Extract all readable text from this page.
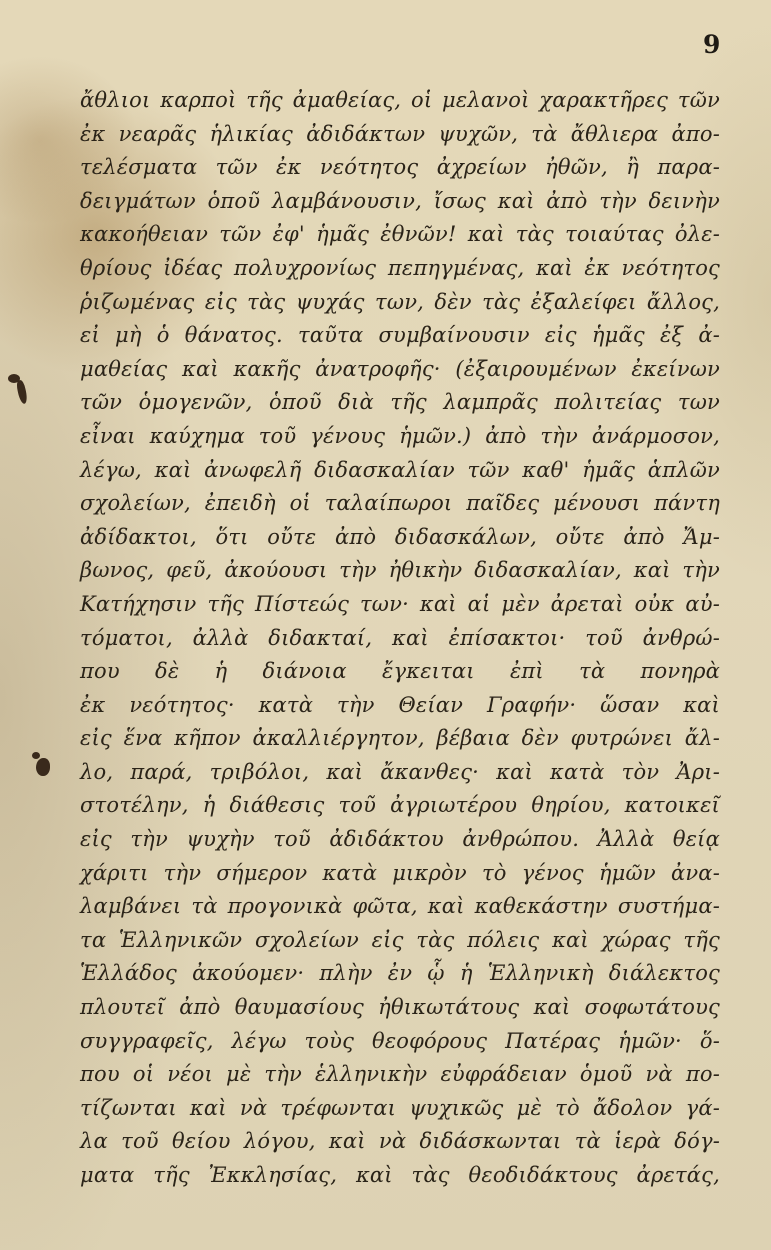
9
ἄθλιοι καρποὶ τῆς ἀμαθείας, οἱ μελανοὶ χαρακτῆρες τῶν
ἐκ νεαρᾶς ἡλικίας ἀδιδάκτων ψυχῶν, τὰ ἄθλιερα ἀπο-
τελέσματα τῶν ἐκ νεότητος ἀχρείων ἠθῶν, ἢ παρα-
δειγμάτων ὁποῦ λαμβάνουσιν, ἴσως καὶ ἀπὸ τὴν δεινὴν
κακοήθειαν τῶν ἐφ' ἡμᾶς ἐθνῶν! καὶ τὰς τοιαύτας ὀλε-
θρίους ἰδέας πολυχρονίως πεπηγμένας, καὶ ἐκ νεότητος
ῥιζωμένας εἰς τὰς ψυχάς των, δὲν τὰς ἐξαλείφει ἄλλος,
εἰ μὴ ὁ θάνατος. ταῦτα συμβαίνουσιν εἰς ἡμᾶς ἐξ ἀ-
μαθείας καὶ κακῆς ἀνατροφῆς· (ἐξαιρουμένων ἐκείνων
τῶν ὁμογενῶν, ὁποῦ διὰ τῆς λαμπρᾶς πολιτείας των
εἶναι καύχημα τοῦ γένους ἡμῶν.) ἀπὸ τὴν ἀνάρμοσον,
λέγω, καὶ ἀνωφελῆ διδασκαλίαν τῶν καθ' ἡμᾶς ἁπλῶν
σχολείων, ἐπειδὴ οἱ ταλαίπωροι παῖδες μένουσι πάντη
ἀδίδακτοι, ὅτι οὔτε ἀπὸ διδασκάλων, οὔτε ἀπὸ Ἄμ-
βωνος, φεῦ, ἀκούουσι τὴν ἠθικὴν διδασκαλίαν, καὶ τὴν
Κατήχησιν τῆς Πίστεώς των· καὶ αἱ μὲν ἀρεταὶ οὐκ αὐ-
τόματοι, ἀλλὰ διδακταί, καὶ ἐπίσακτοι· τοῦ ἀνθρώ-
που δὲ ἡ διάνοια ἔγκειται ἐπὶ τὰ πονηρὰ
ἐκ νεότητος· κατὰ τὴν Θείαν Γραφήν· ὥσαν καὶ
εἰς ἕνα κῆπον ἀκαλλιέργητον, βέβαια δὲν φυτρώνει ἄλ-
λο, παρά, τριβόλοι, καὶ ἄκανθες· καὶ κατὰ τὸν Ἀρι-
στοτέλην, ἡ διάθεσις τοῦ ἀγριωτέρου θηρίου, κατοικεῖ
εἰς τὴν ψυχὴν τοῦ ἀδιδάκτου ἀνθρώπου. Ἀλλὰ θείᾳ
χάριτι τὴν σήμερον κατὰ μικρὸν τὸ γένος ἡμῶν ἀνα-
λαμβάνει τὰ προγονικὰ φῶτα, καὶ καθεκάστην συστήμα-
τα Ἑλληνικῶν σχολείων εἰς τὰς πόλεις καὶ χώρας τῆς
Ἑλλάδος ἀκούομεν· πλὴν ἐν ᾧ ἡ Ἑλληνικὴ διάλεκτος
πλουτεῖ ἀπὸ θαυμασίους ἠθικωτάτους καὶ σοφωτάτους
συγγραφεῖς, λέγω τοὺς θεοφόρους Πατέρας ἡμῶν· ὅ-
που οἱ νέοι μὲ τὴν ἑλληνικὴν εὐφράδειαν ὁμοῦ νὰ πο-
τίζωνται καὶ νὰ τρέφωνται ψυχικῶς μὲ τὸ ἄδολον γά-
λα τοῦ θείου λόγου, καὶ νὰ διδάσκωνται τὰ ἱερὰ δόγ-
ματα τῆς Ἐκκλησίας, καὶ τὰς θεοδιδάκτους ἀρετάς,
